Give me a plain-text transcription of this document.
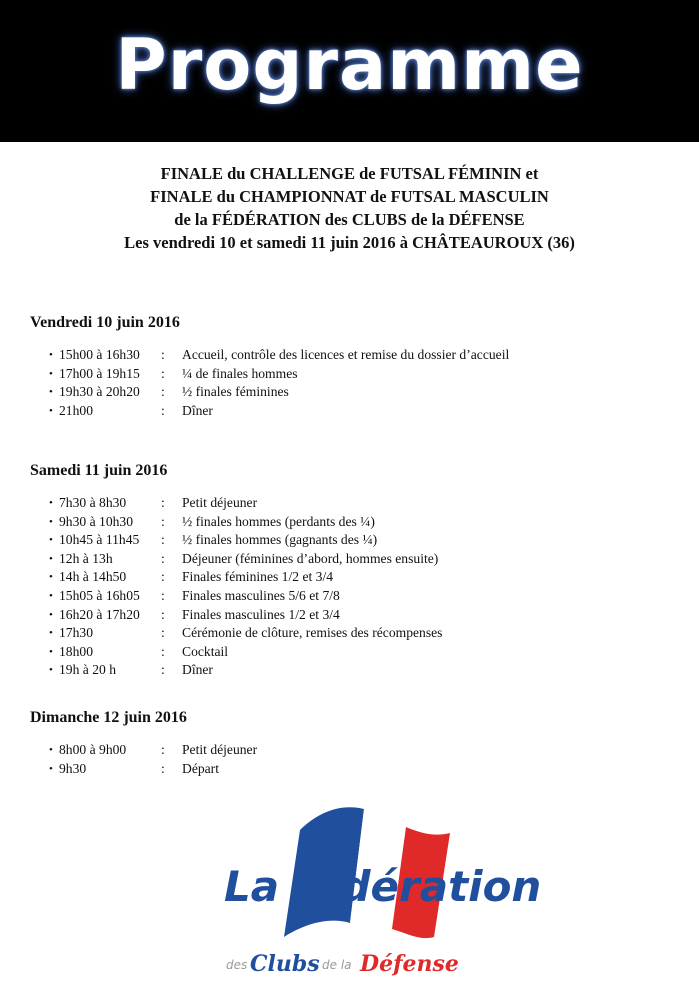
Programme
FINALE du CHALLENGE de FUTSAL FÉMININ et
FINALE du CHAMPIONNAT de FUTSAL MASCULIN
de la FÉDÉRATION des CLUBS de la DÉFENSE
Les vendredi 10 et samedi 11 juin 2016 à CHÂTEAUROUX (36)
Vendredi 10 juin 2016
• 15h00 à 16h30 : Accueil, contrôle des licences et remise du dossier d’accueil
• 17h00 à 19h15 : ¼ de finales hommes
• 19h30 à 20h20 : ½ finales féminines
• 21h00	: Dîner
Samedi 11 juin 2016
• 7h30 à 8h30	: Petit déjeuner
• 9h30 à 10h30 : ½ finales hommes (perdants des ¼)
• 10h45 à 11h45 : ½ finales hommes (gagnants des ¼)
• 12h à 13h	: Déjeuner (féminines d’abord, hommes ensuite)
• 14h à 14h50	: Finales féminines 1/2 et 3/4
• 15h05 à 16h05 : Finales masculines 5/6 et 7/8
• 16h20 à 17h20 : Finales masculines 1/2 et 3/4
• 17h30	: Cérémonie de clôture, remises des récompenses
• 18h00	: Cocktail
• 19h à 20 h	: Dîner
Dimanche 12 juin 2016
• 8h00 à 9h00	: Petit déjeuner
• 9h30	: Départ
La fédération
des Clubs de la Défense
